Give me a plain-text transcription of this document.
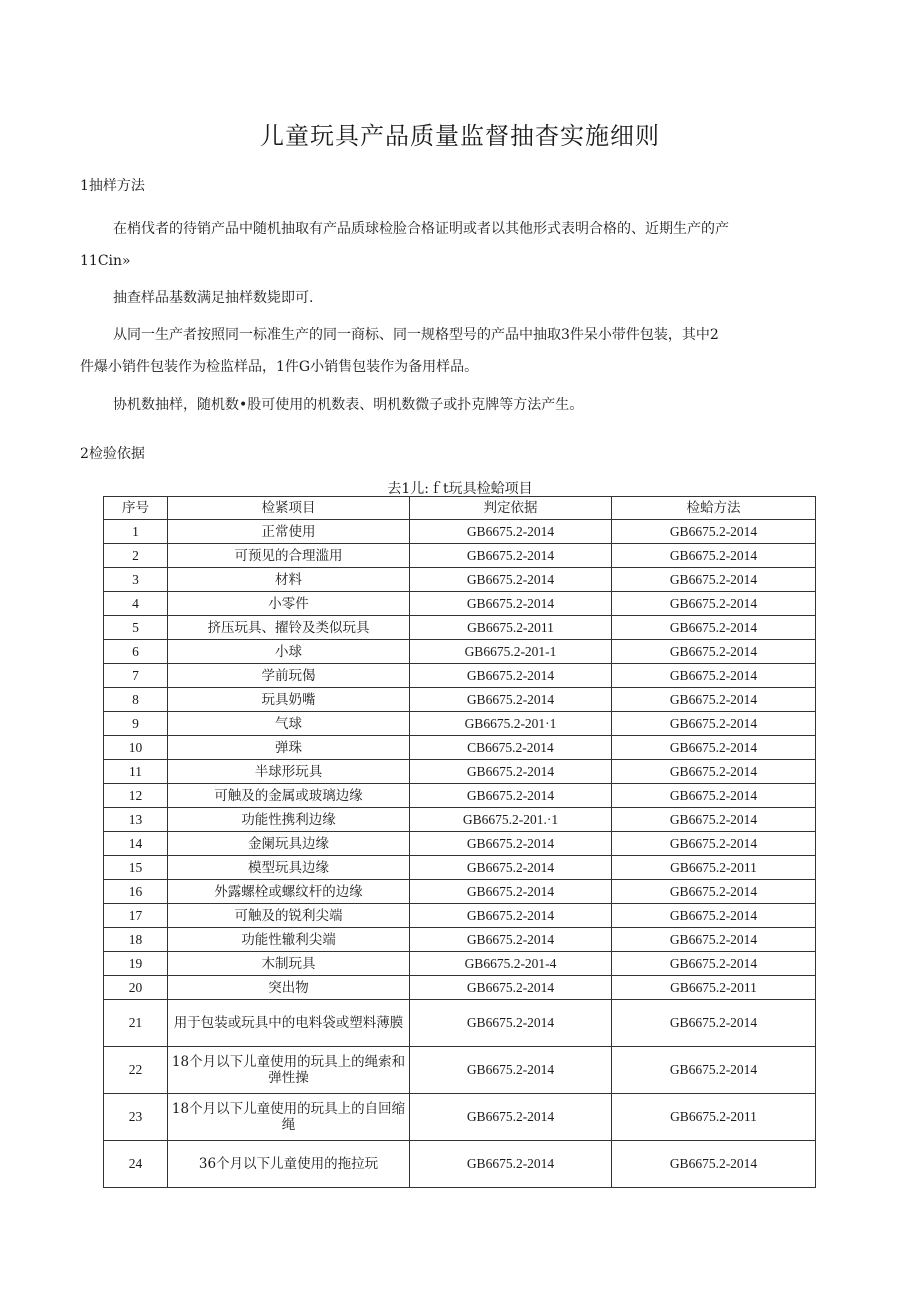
儿童玩具产品质量监督抽杳实施细则
1抽样方法

在梢伐者的待销产品中随机抽取有产品质球检脸合格证明或者以其他形式表明合格的、近期生产的产

11Cin»

抽查样品基数满足抽样数毙即可.

从同一生产者按照同一标准生产的同一商标、同一规格型号的产品中抽取3件呆小带件包装，其中2

件爆小销件包装作为检监样品，1件G小销售包装作为备用样品。

协机数抽样，随机数•股可使用的机数表、明机数微子或扑克牌等方法产生。

2检验依据
去1儿:ｆt玩具检蛤项目
序号	检紧项目	判定依据	检蛤方法
1	正常使用	GB6675.2-2014	GB6675.2-2014
2	可预见的合理滥用	GB6675.2-2014	GB6675.2-2014
3	材料	GB6675.2-2014	GB6675.2-2014
4	小零件	GB6675.2-2014	GB6675.2-2014
5	挤压玩具、擢铃及类似玩具	GB6675.2-2011	GB6675.2-2014
6	小球	GB6675.2-201-1	GB6675.2-2014
7	学前玩偈	GB6675.2-2014	GB6675.2-2014
8	玩具奶嘴	GB6675.2-2014	GB6675.2-2014
9	气球	GB6675.2-201·1	GB6675.2-2014
10	弹珠	CB6675.2-2014	GB6675.2-2014
11	半球形玩具	GB6675.2-2014	GB6675.2-2014
12	可触及的金属或玻璃边缘	GB6675.2-2014	GB6675.2-2014
13	功能性携利边缘	GB6675.2-201.·1	GB6675.2-2014
14	金阑玩具边缘	GB6675.2-2014	GB6675.2-2014
15	模型玩具边缘	GB6675.2-2014	GB6675.2-2011
16	外露螺栓或螺纹杆的边缘	GB6675.2-2014	GB6675.2-2014
17	可触及的锐利尖端	GB6675.2-2014	GB6675.2-2014
18	功能性辙利尖端	GB6675.2-2014	GB6675.2-2014
19	木制玩具	GB6675.2-201-4	GB6675.2-2014
20	突出物	GB6675.2-2014	GB6675.2-2011
21	用于包装或玩具中的电料袋或塑料薄膜	GB6675.2-2014	GB6675.2-2014
22	18个月以下儿童使用的玩具上的绳索和弹性操	GB6675.2-2014	GB6675.2-2014
23	18个月以下儿童使用的玩具上的自回缩绳	GB6675.2-2014	GB6675.2-2011
24	36个月以下儿童使用的拖拉玩	GB6675.2-2014	GB6675.2-2014
